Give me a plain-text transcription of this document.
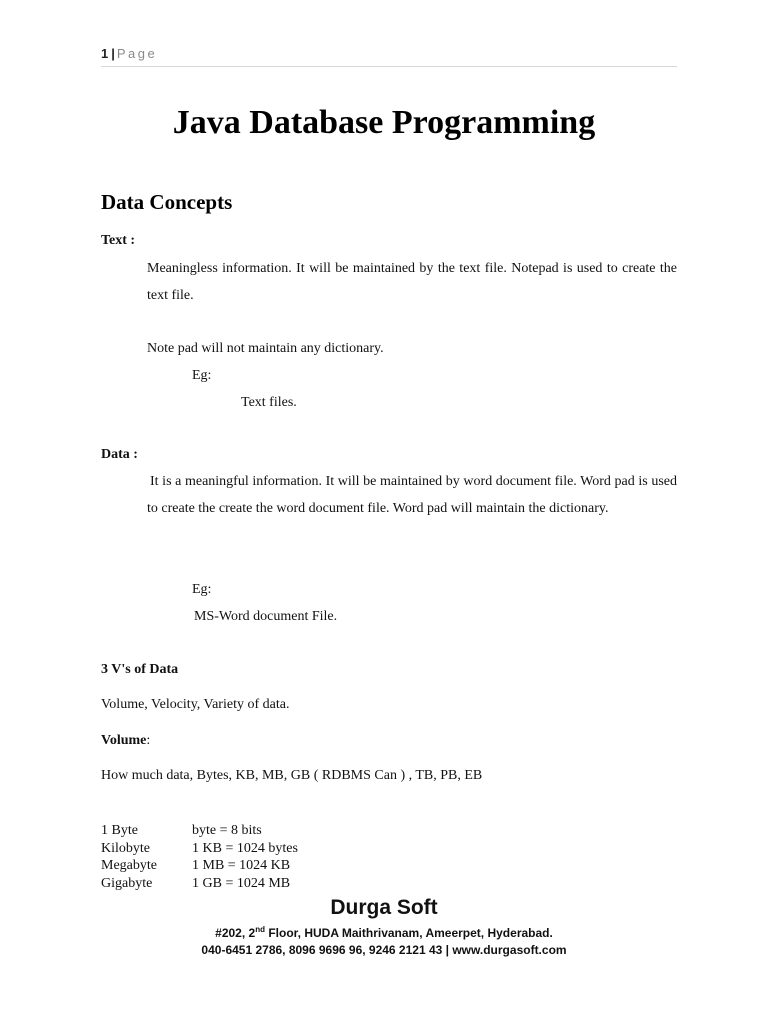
1 | Page
Java Database Programming
Data Concepts
Text :
Meaningless information. It will be maintained by the text file. Notepad is used to create the text file.
Note pad will not maintain any dictionary.
Eg:
Text files.
Data :
It is a meaningful information. It will be maintained by word document file. Word pad is used to create the create the word document file. Word pad will maintain the dictionary.
Eg:
MS-Word document File.
3 V's of Data
Volume, Velocity, Variety of data.
Volume:
How much data, Bytes, KB, MB, GB ( RDBMS Can ) , TB, PB, EB
1 Byte	byte = 8 bits
Kilobyte	1 KB = 1024 bytes
Megabyte	1 MB = 1024 KB
Gigabyte	1 GB = 1024 MB
Durga Soft
#202, 2nd Floor, HUDA Maithrivanam, Ameerpet, Hyderabad.
040-6451 2786, 8096 9696 96, 9246 2121 43 | www.durgasoft.com
